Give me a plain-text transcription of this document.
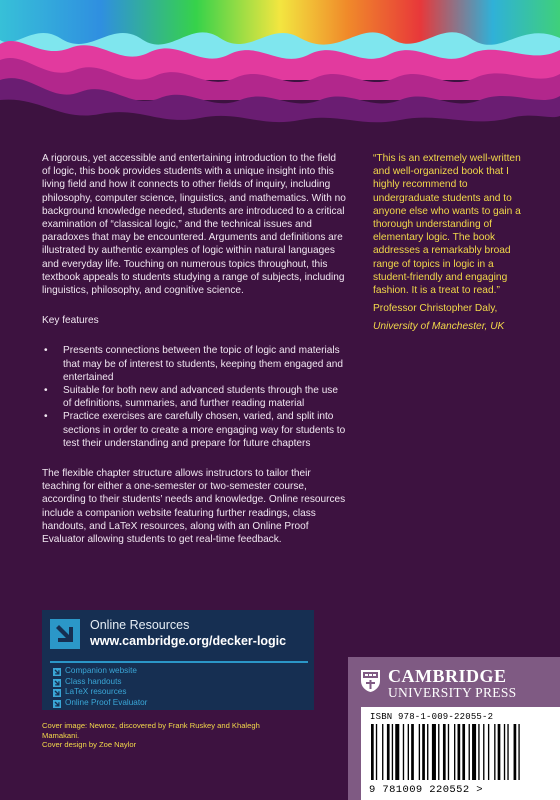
A rigorous, yet accessible and entertaining introduction to the field of logic, this book provides students with a unique insight into this living field and how it connects to other fields of inquiry, including philosophy, computer science, linguistics, and mathematics. With no background knowledge needed, students are introduced to a critical examination of “classical logic,” and the technical issues and paradoxes that may be encountered. Arguments and definitions are illustrated by authentic examples of logic within natural languages and everyday life. Touching on numerous topics throughout, this textbook appeals to students studying a range of subjects, including linguistics, philosophy, and cognitive science.

Key features

• Presents connections between the topic of logic and materials that may be of interest to students, keeping them engaged and entertained
• Suitable for both new and advanced students through the use of definitions, summaries, and further reading material
• Practice exercises are carefully chosen, varied, and split into sections in order to create a more engaging way for students to test their understanding and prepare for future chapters

The flexible chapter structure allows instructors to tailor their teaching for either a one-semester or two-semester course, according to their students’ needs and knowledge. Online resources include a companion website featuring further readings, class handouts, and LaTeX resources, along with an Online Proof Evaluator allowing students to get real-time feedback.

“This is an extremely well-written and well-organized book that I highly recommend to undergraduate students and to anyone else who wants to gain a thorough understanding of elementary logic. The book addresses a remarkably broad range of topics in logic in a student-friendly and engaging fashion. It is a treat to read.”

Professor Christopher Daly,

University of Manchester, UK

Online Resources
www.cambridge.org/decker-logic
Companion website
Class handouts
LaTeX resources
Online Proof Evaluator

Cover image: Newroz, discovered by Frank Ruskey and Khalegh Mamakani.

Cover design by Zoe Naylor

CAMBRIDGE
UNIVERSITY PRESS
ISBN 978-1-009-22055-2
9 781009 220552 >
